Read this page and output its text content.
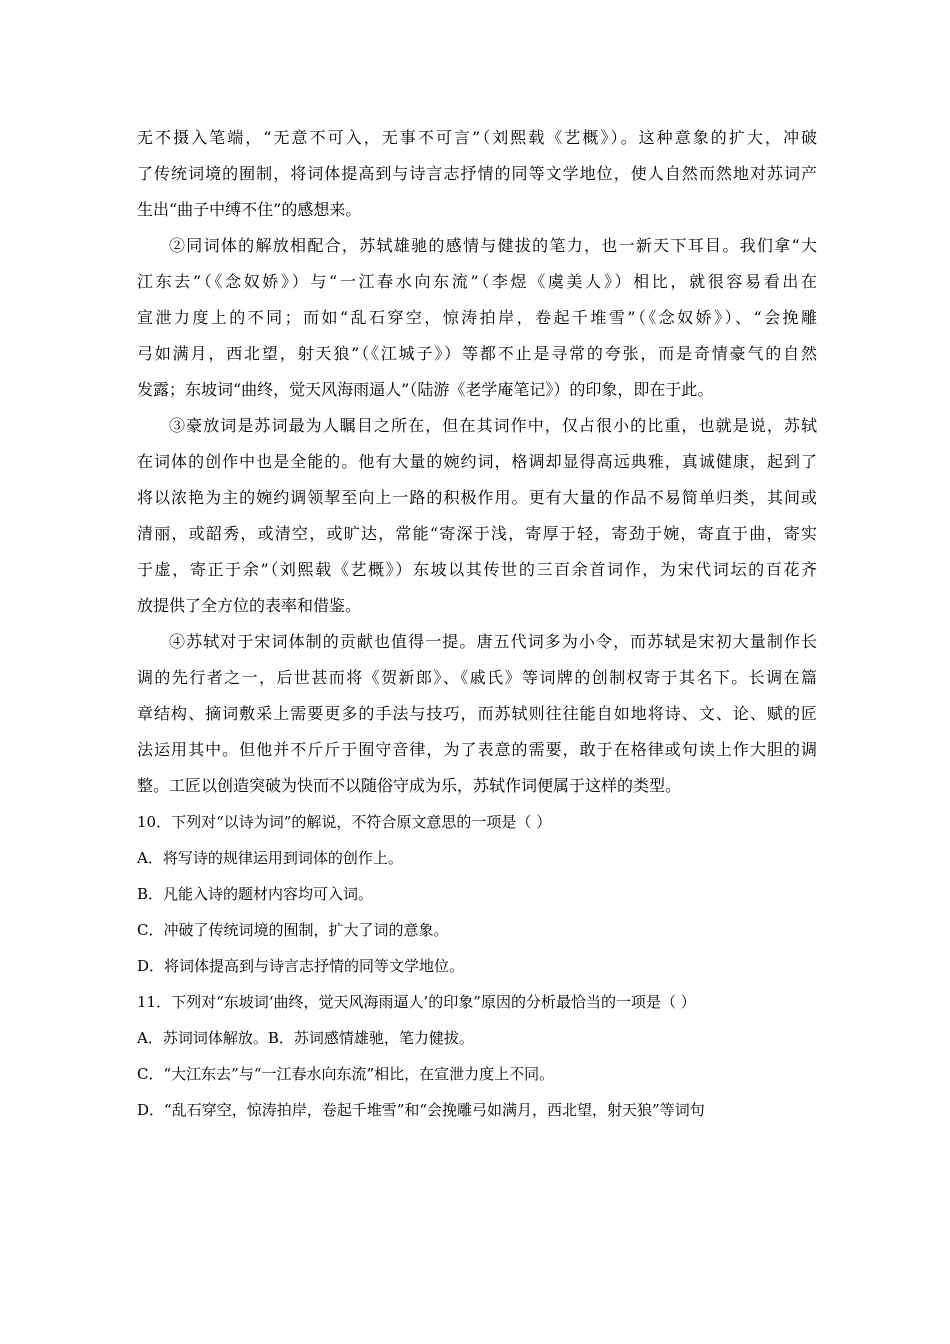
无不摄入笔端，“无意不可入，无事不可言”（刘熙载《艺概》）。这种意象的扩大，冲破
了传统词境的囿制，将词体提高到与诗言志抒情的同等文学地位，使人自然而然地对苏词产
生出“曲子中缚不住”的感想来。
②同词体的解放相配合，苏轼雄驰的感情与健拔的笔力，也一新天下耳目。我们拿“大
江东去”（《念奴娇》）与“一江春水向东流”（李煜《虞美人》）相比，就很容易看出在
宣泄力度上的不同；而如“乱石穿空，惊涛拍岸，卷起千堆雪”（《念奴娇》）、“会挽雕
弓如满月，西北望，射天狼”（《江城子》）等都不止是寻常的夸张，而是奇情豪气的自然
发露；东坡词“曲终，觉天风海雨逼人”（陆游《老学庵笔记》）的印象，即在于此。
③豪放词是苏词最为人瞩目之所在，但在其词作中，仅占很小的比重，也就是说，苏轼
在词体的创作中也是全能的。他有大量的婉约词，格调却显得高远典雅，真诚健康，起到了
将以浓艳为主的婉约调领挈至向上一路的积极作用。更有大量的作品不易简单归类，其间或
清丽，或韶秀，或清空，或旷达，常能“寄深于浅，寄厚于轻，寄劲于婉，寄直于曲，寄实
于虚，寄正于余”（刘熙载《艺概》）东坡以其传世的三百余首词作，为宋代词坛的百花齐
放提供了全方位的表率和借鉴。
④苏轼对于宋词体制的贡献也值得一提。唐五代词多为小令，而苏轼是宋初大量制作长
调的先行者之一，后世甚而将《贺新郎》、《戚氏》等词牌的创制权寄于其名下。长调在篇
章结构、摘词敷采上需要更多的手法与技巧，而苏轼则往往能自如地将诗、文、论、赋的匠
法运用其中。但他并不斤斤于囿守音律，为了表意的需要，敢于在格律或句读上作大胆的调
整。工匠以创造突破为快而不以随俗守成为乐，苏轼作词便属于这样的类型。
10．下列对“以诗为词”的解说，不符合原文意思的一项是（ ）
A．将写诗的规律运用到词体的创作上。
B．凡能入诗的题材内容均可入词。
C．冲破了传统词境的囿制，扩大了词的意象。
D．将词体提高到与诗言志抒情的同等文学地位。
11．下列对“东坡词‘曲终，觉天风海雨逼人’的印象”原因的分析最恰当的一项是（ ）
A．苏词词体解放。B．苏词感情雄驰，笔力健拔。
C．“大江东去”与“一江春水向东流”相比，在宣泄力度上不同。
D．“乱石穿空，惊涛拍岸，卷起千堆雪”和“会挽雕弓如满月，西北望，射天狼”等词句
